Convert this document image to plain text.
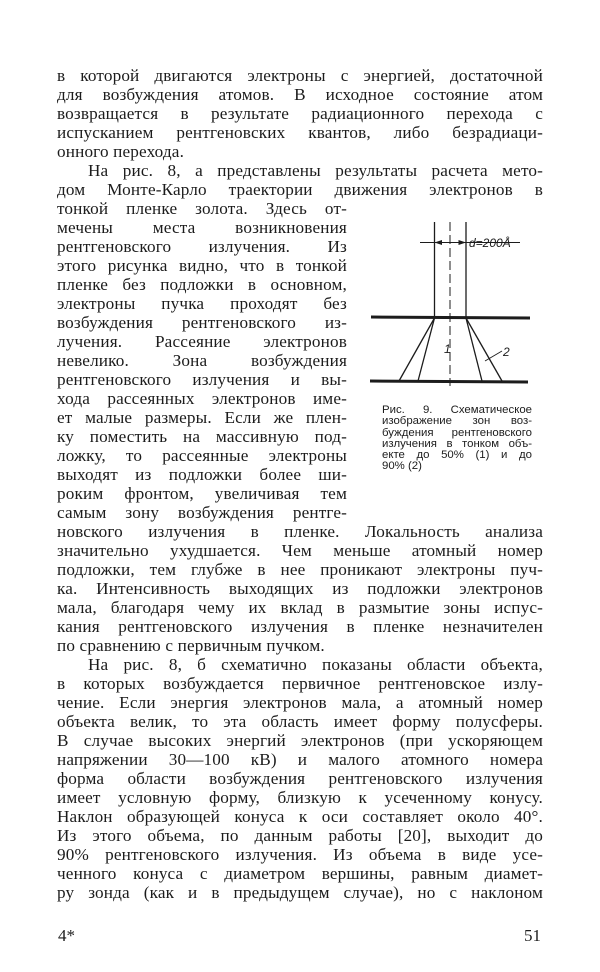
в которой двигаются электроны с энергией, достаточной
для возбуждения атомов. В исходное состояние атом
возвращается в результате радиационного перехода с
испусканием рентгеновских квантов, либо безрадиаци-
онного перехода.
На рис. 8, а представлены результаты расчета мето-
дом Монте-Карло траектории движения электронов в
тонкой пленке золота. Здесь от-
мечены места возникновения
рентгеновского излучения. Из
этого рисунка видно, что в тонкой
пленке без подложки в основном,
электроны пучка проходят без
возбуждения рентгеновского из-
лучения. Рассеяние электронов
невелико. Зона возбуждения
рентгеновского излучения и вы-
хода рассеянных электронов име-
ет малые размеры. Если же плен-
ку поместить на массивную под-
ложку, то рассеянные электроны
выходят из подложки более ши-
роким фронтом, увеличивая тем
самым зону возбуждения рентге-
новского излучения в пленке. Локальность анализа
значительно ухудшается. Чем меньше атомный номер
подложки, тем глубже в нее проникают электроны пуч-
ка. Интенсивность выходящих из подложки электронов
мала, благодаря чему их вклад в размытие зоны испус-
кания рентгеновского излучения в пленке незначителен
по сравнению с первичным пучком.
На рис. 8, б схематично показаны области объекта,
в которых возбуждается первичное рентгеновское излу-
чение. Если энергия электронов мала, а атомный номер
объекта велик, то эта область имеет форму полусферы.
В случае высоких энергий электронов (при ускоряющем
напряжении 30—100 кВ) и малого атомного номера
форма области возбуждения рентгеновского излучения
имеет условную форму, близкую к усеченному конусу.
Наклон образующей конуса к оси составляет около 40°.
Из этого объема, по данным работы [20], выходит до
90% рентгеновского излучения. Из объема в виде усе-
ченного конуса с диаметром вершины, равным диамет-
ру зонда (как и в предыдущем случае), но с наклоном
d=200Å
1	2
Рис. 9. Схематическое
изображение зон воз-
буждения рентгеновского
излучения в тонком объ-
екте до 50% (1) и до
90% (2)
4*	51
